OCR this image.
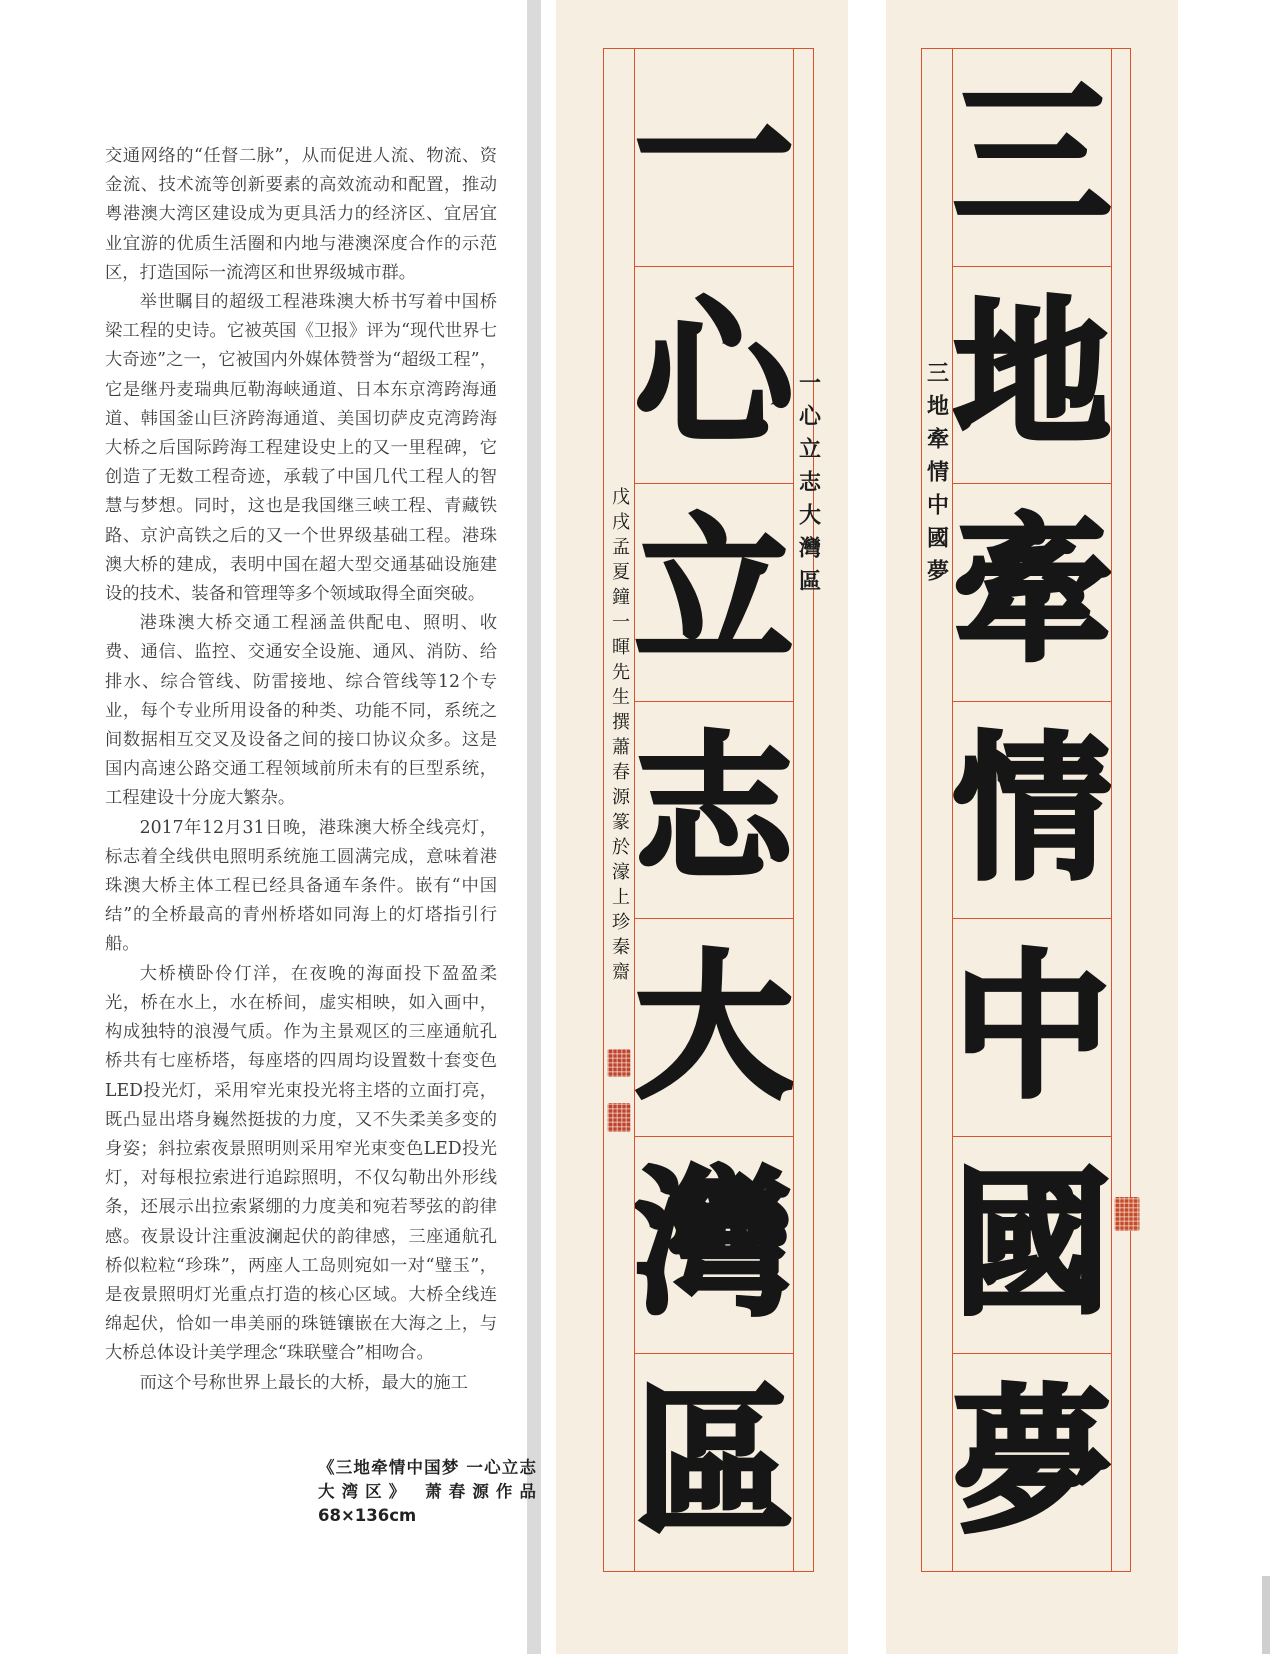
交通网络的“任督二脉”，从而促进人流、物流、资金流、技术流等创新要素的高效流动和配置，推动粤港澳大湾区建设成为更具活力的经济区、宜居宜业宜游的优质生活圈和内地与港澳深度合作的示范区，打造国际一流湾区和世界级城市群。

举世瞩目的超级工程港珠澳大桥书写着中国桥梁工程的史诗。它被英国《卫报》评为“现代世界七大奇迹”之一，它被国内外媒体赞誉为“超级工程”，它是继丹麦瑞典厄勒海峡通道、日本东京湾跨海通道、韩国釜山巨济跨海通道、美国切萨皮克湾跨海大桥之后国际跨海工程建设史上的又一里程碑，它创造了无数工程奇迹，承载了中国几代工程人的智慧与梦想。同时，这也是我国继三峡工程、青藏铁路、京沪高铁之后的又一个世界级基础工程。港珠澳大桥的建成，表明中国在超大型交通基础设施建设的技术、装备和管理等多个领域取得全面突破。

港珠澳大桥交通工程涵盖供配电、照明、收费、通信、监控、交通安全设施、通风、消防、给排水、综合管线、防雷接地、综合管线等12个专业，每个专业所用设备的种类、功能不同，系统之间数据相互交叉及设备之间的接口协议众多。这是国内高速公路交通工程领域前所未有的巨型系统，工程建设十分庞大繁杂。

2017年12月31日晚，港珠澳大桥全线亮灯，标志着全线供电照明系统施工圆满完成，意味着港珠澳大桥主体工程已经具备通车条件。嵌有“中国结”的全桥最高的青州桥塔如同海上的灯塔指引行船。

大桥横卧伶仃洋，在夜晚的海面投下盈盈柔光，桥在水上，水在桥间，虚实相映，如入画中，构成独特的浪漫气质。作为主景观区的三座通航孔桥共有七座桥塔，每座塔的四周均设置数十套变色LED投光灯，采用窄光束投光将主塔的立面打亮，既凸显出塔身巍然挺拔的力度，又不失柔美多变的身姿；斜拉索夜景照明则采用窄光束变色LED投光灯，对每根拉索进行追踪照明，不仅勾勒出外形线条，还展示出拉索紧绷的力度美和宛若琴弦的韵律感。夜景设计注重波澜起伏的韵律感，三座通航孔桥似粒粒“珍珠”，两座人工岛则宛如一对“璧玉”，是夜景照明灯光重点打造的核心区域。大桥全线连绵起伏，恰如一串美丽的珠链镶嵌在大海之上，与大桥总体设计美学理念“珠联璧合”相吻合。

而这个号称世界上最长的大桥，最大的施工

《三地牵情中国梦 一心立志大湾区》 萧春源作品 68×136cm
戊戌孟夏鐘一暉先生撰蕭春源篆於濠上珍秦齋
一
心
立
志
大
灣
區
一心立志大灣區	三地牽情中國夢
三
地
牽
情
中
國
夢
